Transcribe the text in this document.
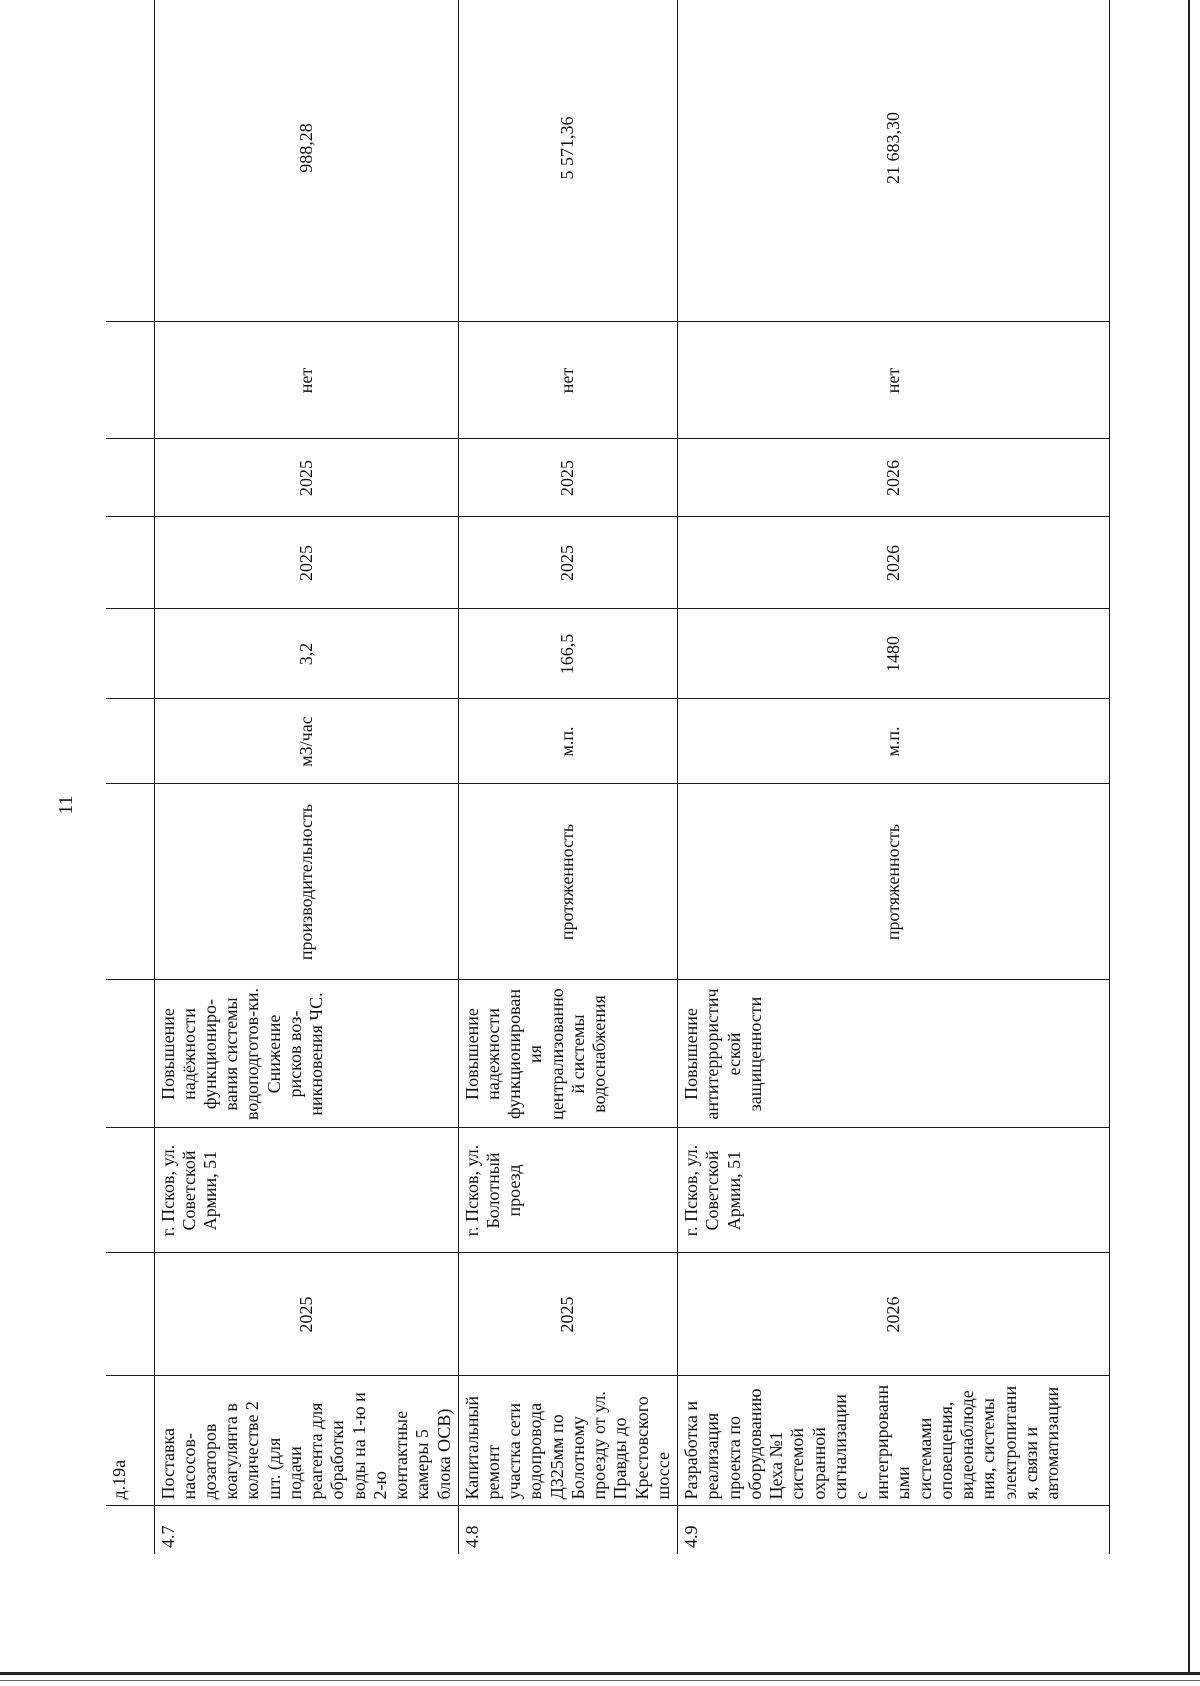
11
	д.19а										
4.7	Поставка насосов-дозаторов коагулянта в количестве 2 шт. (для подачи реагента для обработки воды на 1-ю и 2-ю контактные камеры 5 блока ОСВ)	2025	г. Псков, ул. Советской Армии, 51	Повышение надёжности функциониро-вания системы водоподготов-ки. Снижение рисков воз-никновения ЧС.	производительность	м3/час	3,2	2025	2025	нет	988,28
4.8	Капитальный ремонт участка сети водопровода Д325мм по Болотному проезду от ул. Правды до Крестовского шоссе	2025	г. Псков, ул. Болотный проезд	Повышение надежности функционирования централизованной системы водоснабжения	протяженность	м.п.	166,5	2025	2025	нет	5 571,36
4.9	Разработка и реализация проекта по оборудованию Цеха №1 системой охранной сигнализации с интегрированными системами оповещения, видеонаблюдения, системы электропитания, связи и автоматизации	2026	г. Псков, ул. Советской Армии, 51	Повышение антитеррористической защищенности	протяженность	м.п.	1480	2026	2026	нет	21 683,30
